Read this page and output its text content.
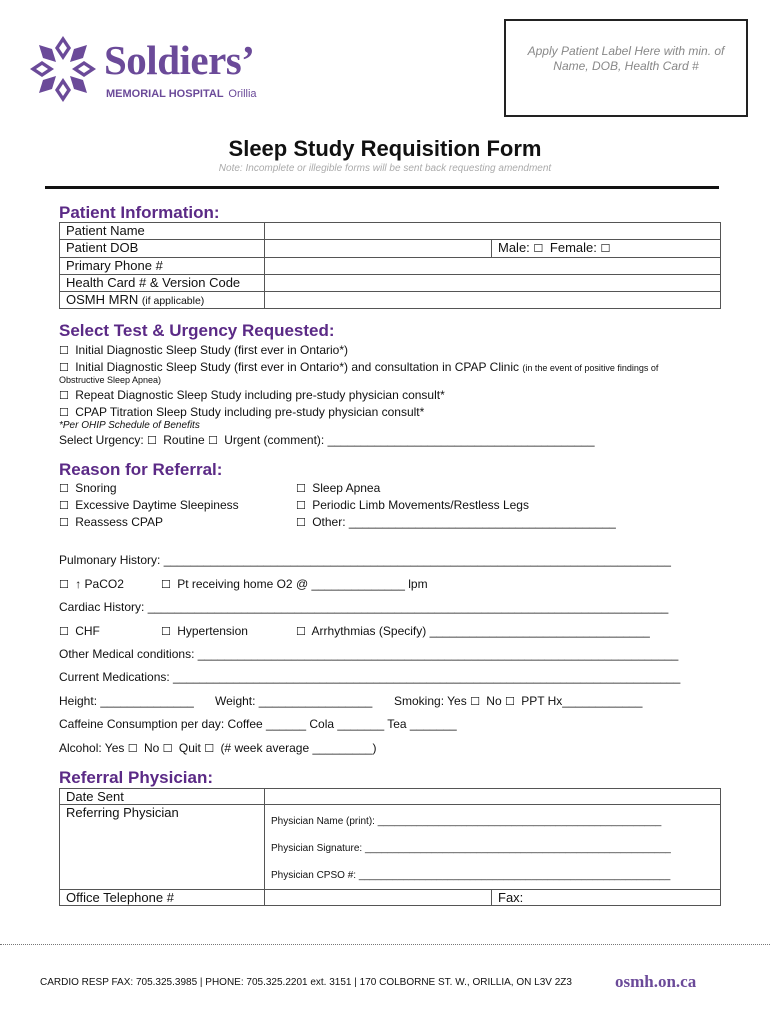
Soldiers’
MEMORIAL HOSPITAL Orillia
Apply Patient Label Here with min. of Name, DOB, Health Card #
Sleep Study Requisition Form
Note: Incomplete or illegible forms will be sent back requesting amendment
Patient Information:
Patient Name		
Patient DOB		Male: ☐ Female: ☐
Primary Phone #		
Health Card # & Version Code		
OSMH MRN (if applicable)		
Select Test & Urgency Requested:
☐ Initial Diagnostic Sleep Study (first ever in Ontario*)
☐ Initial Diagnostic Sleep Study (first ever in Ontario*) and consultation in CPAP Clinic (in the event of positive findings of
Obstructive Sleep Apnea)
☐ Repeat Diagnostic Sleep Study including pre-study physician consult*
☐ CPAP Titration Sleep Study including pre-study physician consult*
*Per OHIP Schedule of Benefits
Select Urgency: ☐ Routine ☐ Urgent (comment): ________________________________________
Reason for Referral:
☐ Snoring
☐ Excessive Daytime Sleepiness
☐ Reassess CPAP
☐ Sleep Apnea
☐ Periodic Limb Movements/Restless Legs
☐ Other: ________________________________________
Pulmonary History: ____________________________________________________________________________
☐ ↑ PaCO2	☐ Pt receiving home O2 @ ______________ lpm
Cardiac History: ______________________________________________________________________________
☐ CHF	☐ Hypertension	☐ Arrhythmias (Specify) _________________________________
Other Medical conditions: ________________________________________________________________________
Current Medications: ____________________________________________________________________________
Height: ______________ Weight: _________________ Smoking: Yes ☐ No ☐ PPT Hx____________
Caffeine Consumption per day: Coffee ______ Cola _______ Tea _______
Alcohol: Yes ☐ No ☐ Quit ☐ (# week average _________)
Referral Physician:
Date Sent		
Referring Physician	Physician Name (print): ___________________________________________________
Physician Signature: _______________________________________________________
Physician CPSO #: ________________________________________________________	

Office Telephone #		Fax:
CARDIO RESP FAX: 705.325.3985 | PHONE: 705.325.2201 ext. 3151 | 170 COLBORNE ST. W., ORILLIA, ON L3V 2Z3	osmh.on.ca
